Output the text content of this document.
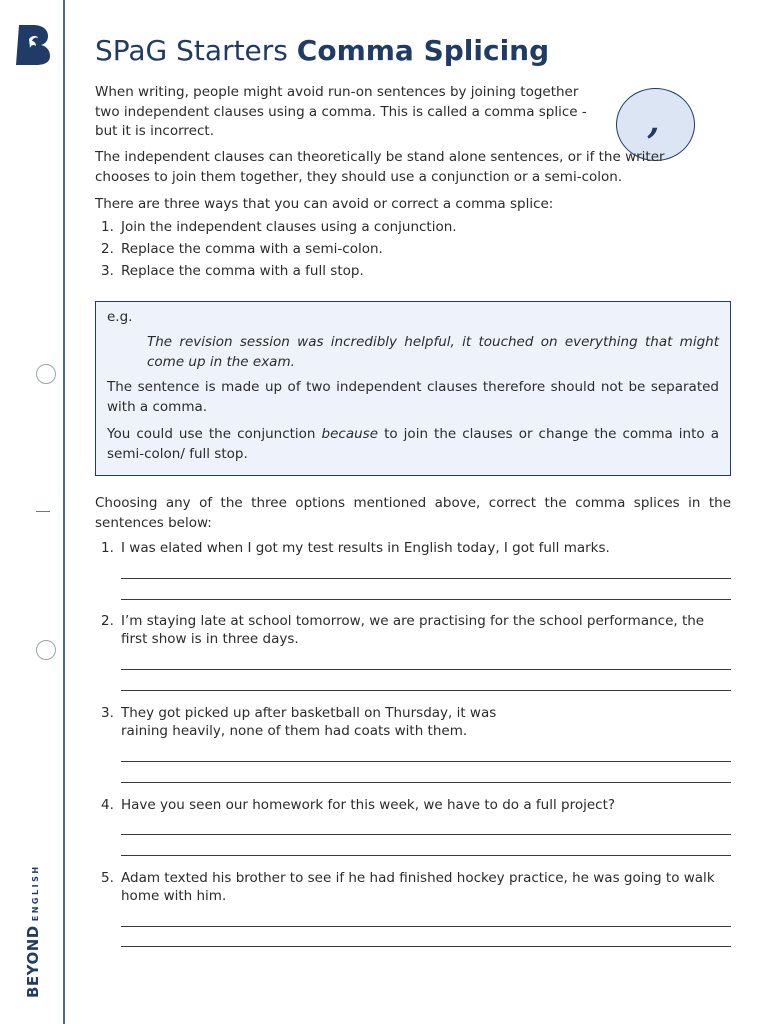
BEYONDENGLISH
SPaG Starters Comma Splicing

When writing, people might avoid run-on sentences by joining together two independent clauses using a comma. This is called a comma splice - but it is incorrect.	,

The independent clauses can theoretically be stand alone sentences, or if the writer chooses to join them together, they should use a conjunction or a semi-colon.

There are three ways that you can avoid or correct a comma splice:

1. Join the independent clauses using a conjunction.
2. Replace the comma with a semi-colon.
3. Replace the comma with a full stop.

e.g.

The revision session was incredibly helpful, it touched on everything that might come up in the exam.

The sentence is made up of two independent clauses therefore should not be separated with a comma.

You could use the conjunction because to join the clauses or change the comma into a semi-colon/ full stop.

Choosing any of the three options mentioned above, correct the comma splices in the sentences below:

1. I was elated when I got my test results in English today, I got full marks.
2. I’m staying late at school tomorrow, we are practising for the school performance, the first show is in three days.
3. They got picked up after basketball on Thursday, it was
raining heavily, none of them had coats with them.
4. Have you seen our homework for this week, we have to do a full project?
5. Adam texted his brother to see if he had finished hockey practice, he was going to walk home with him.
